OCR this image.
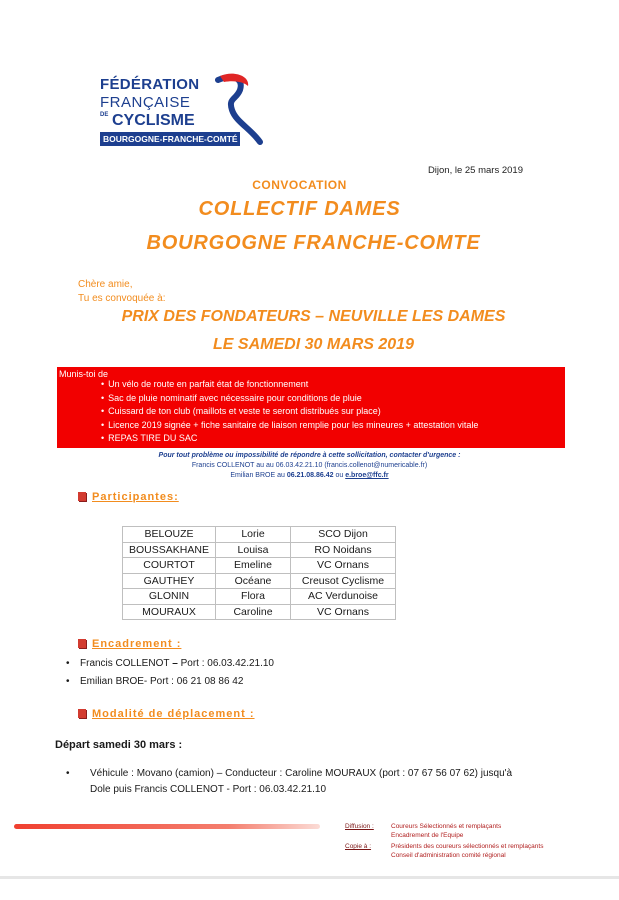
FÉDÉRATION
FRANÇAISE
DE CYCLISME
BOURGOGNE-FRANCHE-COMTÉ
Dijon, le 25 mars 2019
CONVOCATION
COLLECTIF DAMES
BOURGOGNE FRANCHE-COMTE
Chère amie,
Tu es convoquée à:
PRIX DES FONDATEURS – NEUVILLE LES DAMES
LE SAMEDI 30 MARS 2019
Munis-toi de
• Un vélo de route en parfait état de fonctionnement
• Sac de pluie nominatif avec nécessaire pour conditions de pluie
• Cuissard de ton club (maillots et veste te seront distribués sur place)
• Licence 2019 signée + fiche sanitaire de liaison remplie pour les mineures + attestation vitale
• REPAS TIRE DU SAC
Pour tout problème ou impossibilité de répondre à cette sollicitation, contacter d'urgence :
Francis COLLENOT au au 06.03.42.21.10 (francis.collenot@numericable.fr)
Emilian BROE au 06.21.08.86.42 ou e.broe@ffc.fr
Participantes:
BELOUZE	Lorie	SCO Dijon
BOUSSAKHANE	Louisa	RO Noidans
COURTOT	Emeline	VC Ornans
GAUTHEY	Océane	Creusot Cyclisme
GLONIN	Flora	AC Verdunoise
MOURAUX	Caroline	VC Ornans
Encadrement :
• Francis COLLENOT – Port : 06.03.42.21.10
• Emilian BROE- Port : 06 21 08 86 42
Modalité de déplacement :
Départ samedi 30 mars :
• Véhicule : Movano (camion) – Conducteur : Caroline MOURAUX (port : 07 67 56 07 62) jusqu'à
Dole puis Francis COLLENOT - Port : 06.03.42.21.10
Diffusion :	Coureurs Sélectionnés et remplaçants
Encadrement de l'Equipe
Copie à :	Présidents des coureurs sélectionnés et remplaçants
Conseil d'administration comité régional
